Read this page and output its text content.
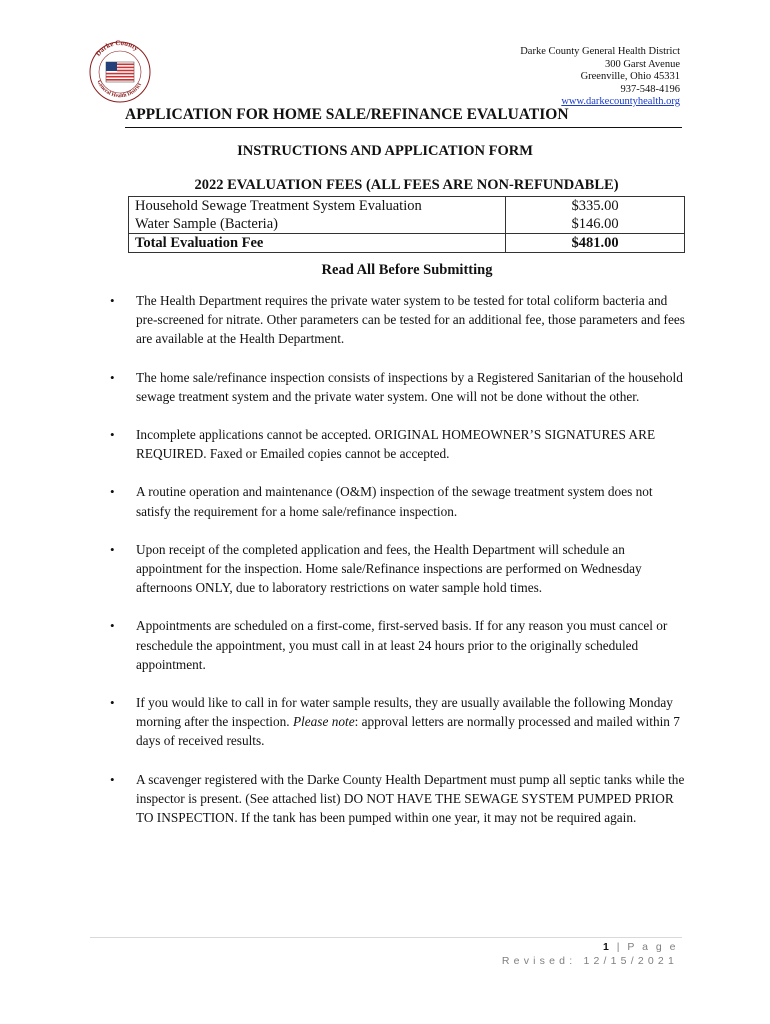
Darke County
General Health District
Darke County General Health District
300 Garst Avenue
Greenville, Ohio 45331
937-548-4196
www.darkecountyhealth.org
APPLICATION FOR HOME SALE/REFINANCE EVALUATION
INSTRUCTIONS AND APPLICATION FORM
2022 EVALUATION FEES (ALL FEES ARE NON-REFUNDABLE)
Household Sewage Treatment System Evaluation	$335.00
Water Sample (Bacteria)	$146.00
Total Evaluation Fee	$481.00
Read All Before Submitting
• The Health Department requires the private water system to be tested for total coliform bacteria and pre-screened for nitrate. Other parameters can be tested for an additional fee, those parameters and fees are available at the Health Department.
• The home sale/refinance inspection consists of inspections by a Registered Sanitarian of the household sewage treatment system and the private water system. One will not be done without the other.
• Incomplete applications cannot be accepted. ORIGINAL HOMEOWNER’S SIGNATURES ARE REQUIRED. Faxed or Emailed copies cannot be accepted.
• A routine operation and maintenance (O&M) inspection of the sewage treatment system does not satisfy the requirement for a home sale/refinance inspection.
• Upon receipt of the completed application and fees, the Health Department will schedule an appointment for the inspection. Home sale/Refinance inspections are performed on Wednesday afternoons ONLY, due to laboratory restrictions on water sample hold times.
• Appointments are scheduled on a first-come, first-served basis. If for any reason you must cancel or reschedule the appointment, you must call in at least 24 hours prior to the originally scheduled appointment.
• If you would like to call in for water sample results, they are usually available the following Monday morning after the inspection. Please note: approval letters are normally processed and mailed within 7 days of received results.
• A scavenger registered with the Darke County Health Department must pump all septic tanks while the inspector is present. (See attached list) DO NOT HAVE THE SEWAGE SYSTEM PUMPED PRIOR TO INSPECTION. If the tank has been pumped within one year, it may not be required again.
1 | P a g e
Revised: 12/15/2021
